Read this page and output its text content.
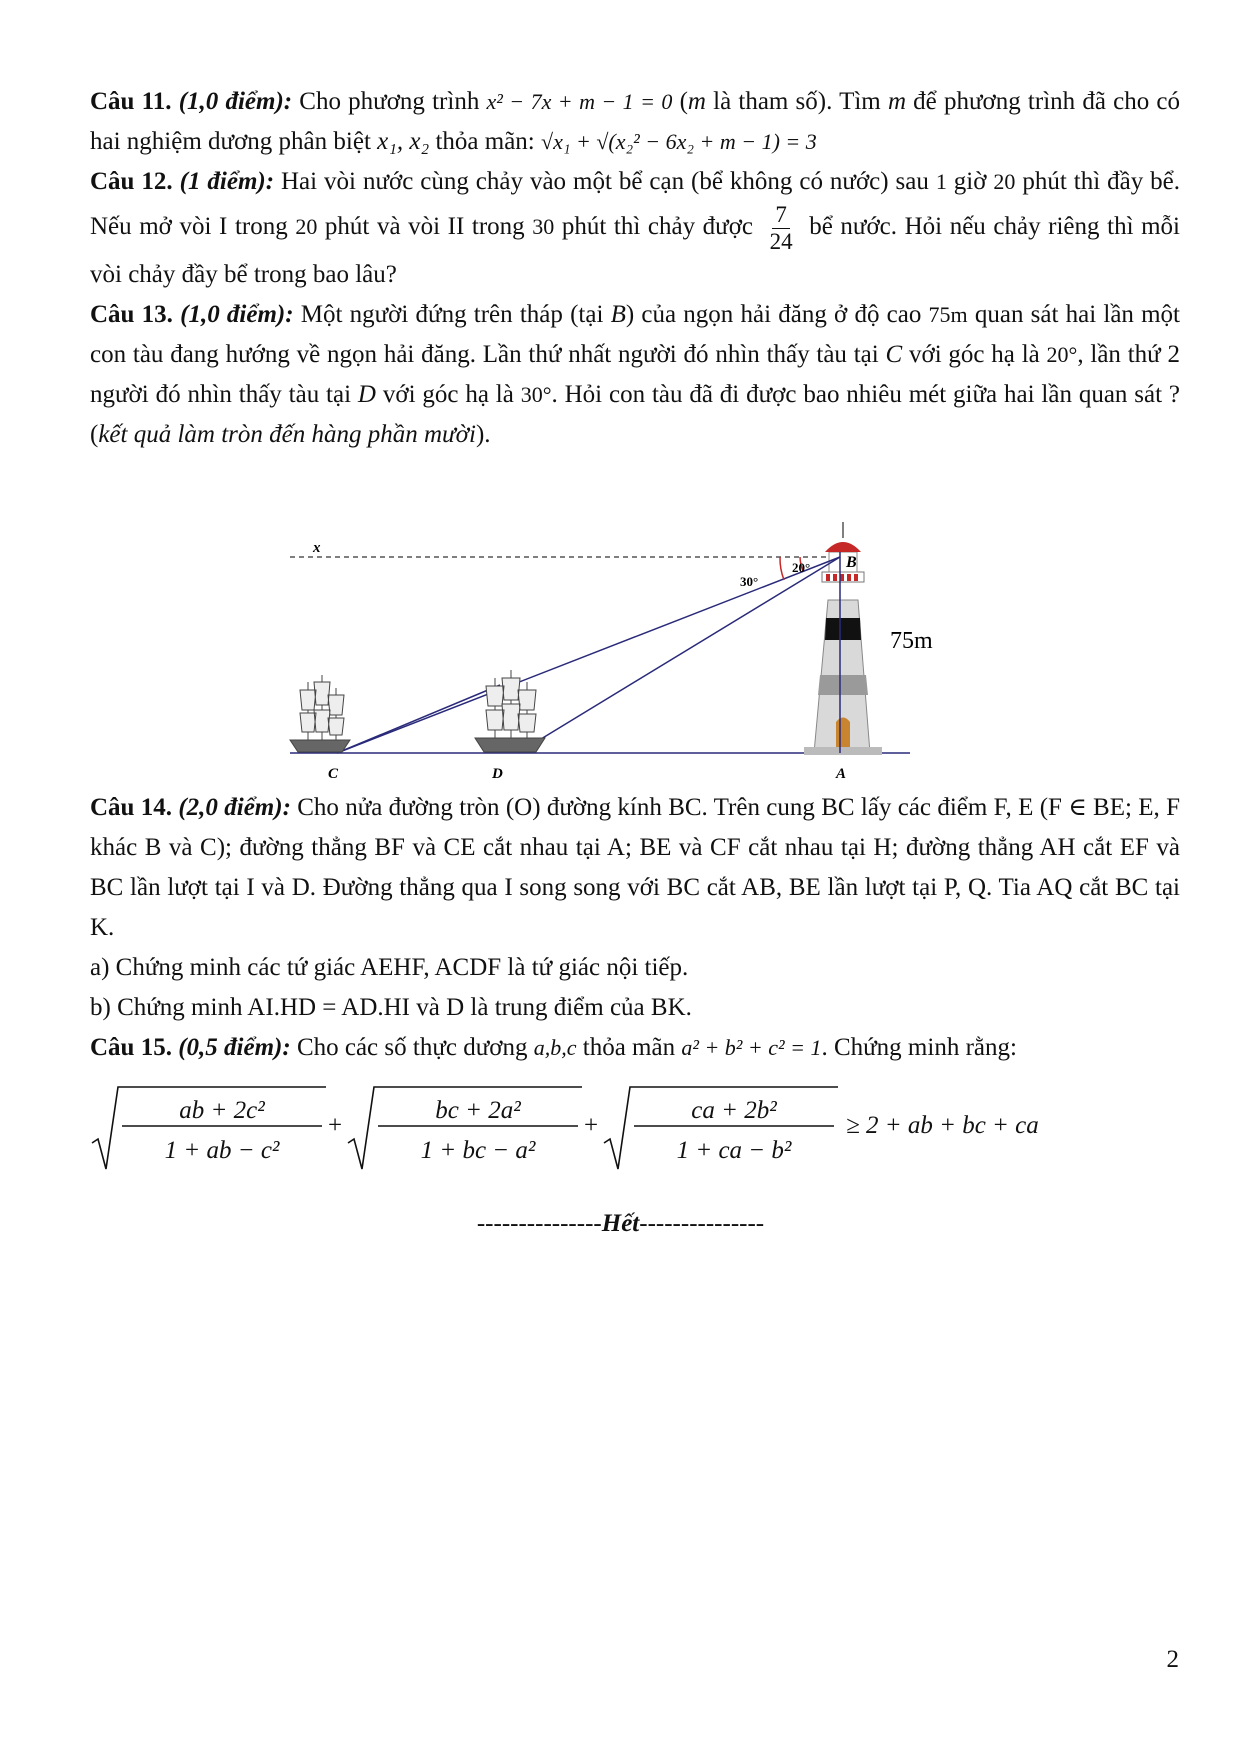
Câu 11. (1,0 điểm): Cho phương trình x² − 7x + m − 1 = 0 (m là tham số). Tìm m để phương trình đã cho có hai nghiệm dương phân biệt x₁, x₂ thỏa mãn: √x₁ + √(x₂² − 6x₂ + m − 1) = 3

Câu 12. (1 điểm): Hai vòi nước cùng chảy vào một bể cạn (bể không có nước) sau 1 giờ 20 phút thì đầy bể. Nếu mở vòi I trong 20 phút và vòi II trong 30 phút thì chảy được $\frac{7}{24}$ bể nước. Hỏi nếu chảy riêng thì mỗi vòi chảy đầy bể trong bao lâu?

Câu 13. (1,0 điểm): Một người đứng trên tháp (tại B) của ngọn hải đăng ở độ cao 75m quan sát hai lần một con tàu đang hướng về ngọn hải đăng. Lần thứ nhất người đó nhìn thấy tàu tại C với góc hạ là 20°, lần thứ 2 người đó nhìn thấy tàu tại D với góc hạ là 30°. Hỏi con tàu đã đi được bao nhiêu mét giữa hai lần quan sát ? (kết quả làm tròn đến hàng phần mười).

Câu 14. (2,0 điểm): Cho nửa đường tròn (O) đường kính BC. Trên cung BC lấy các điểm F, E (F ∈ BE; E, F khác B và C); đường thẳng BF và CE cắt nhau tại A; BE và CF cắt nhau tại H; đường thẳng AH cắt EF và BC lần lượt tại I và D. Đường thẳng qua I song song với BC cắt AB, BE lần lượt tại P, Q. Tia AQ cắt BC tại K.

a) Chứng minh các tứ giác AEHF, ACDF là tứ giác nội tiếp.

b) Chứng minh AI.HD = AD.HI và D là trung điểm của BK.

Câu 15. (0,5 điểm): Cho các số thực dương a,b,c thỏa mãn a² + b² + c² = 1. Chứng minh rằng:

x
B
A
C	D
30°
20°
75m
ab + 2c²
1 + ab − c²
+
bc + 2a²
1 + bc − a²
+
ca + 2b²
1 + ca − b²
≥ 2 + ab + bc + ca
---------------Hết---------------
2
